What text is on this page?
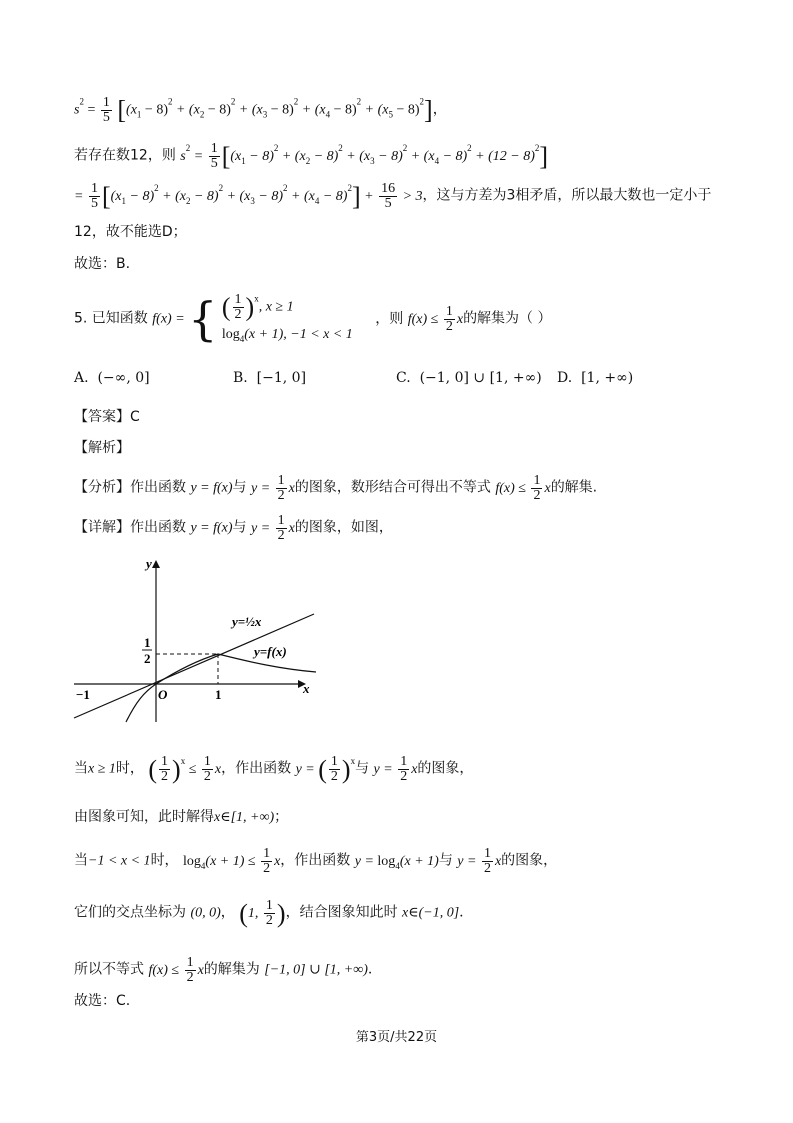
$s^2 = \frac{1}{5} [(x_1 - 8)^2 + (x_2 - 8)^2 + (x_3 - 8)^2 + (x_4 - 8)^2 + (x_5 - 8)^2]$，
若存在数12，则 $s^2 = \frac{1}{5} [(x_1 - 8)^2 + (x_2 - 8)^2 + (x_3 - 8)^2 + (x_4 - 8)^2 + (12 - 8)^2]$
= $\frac{1}{5} [(x_1 - 8)^2 + (x_2 - 8)^2 + (x_3 - 8)^2 + (x_4 - 8)^2] + \frac{16}{5} > 3$，这与方差为3相矛盾，所以最大数也一定小于
12，故不能选D；
故选：B.
5. 已知函数 f(x) = { ( $\frac{1}{2} )^x$, x ≥ 1
$\log_4(x + 1)$, −1 < x < 1
，则 $f(x) \le \frac{1}{2}$ x的解集为（ ）
A. (−∞, 0]	B. [−1, 0]	C. (−1, 0] ∪ [1, +∞) D. [1, +∞)
【答案】C
【解析】
【分析】作出函数 y = f(x)与 $y = \frac{1}{2}$ x的图象，数形结合可得出不等式 $f(x) \le \frac{1}{2}$ x的解集.
【详解】作出函数 y = f(x)与 $y = \frac{1}{2}$ x的图象，如图，
y
x
O
−1	1
1
2
y=½x
y=f(x)
当x ≥ 1时， ( $\frac{1}{2} )^x \le \frac{1}{2}$ x，作出函数 y = ( $\frac{1}{2} )^x$与 $y = \frac{1}{2}$ x的图象，
由图象可知，此时解得x∈[1, +∞)；
当−1 < x < 1时， $\log_4(x + 1) \le \frac{1}{2}$ x，作出函数 $y = \log_4(x + 1)$与 $y = \frac{1}{2}$ x的图象，
它们的交点坐标为 (0, 0)， (1, $\frac{1}{2}$ )，结合图象知此时 x∈(−1, 0].
所以不等式 $f(x) \le \frac{1}{2}$ x的解集为 [−1, 0] ∪ [1, +∞).
故选：C.
第3页/共22页
